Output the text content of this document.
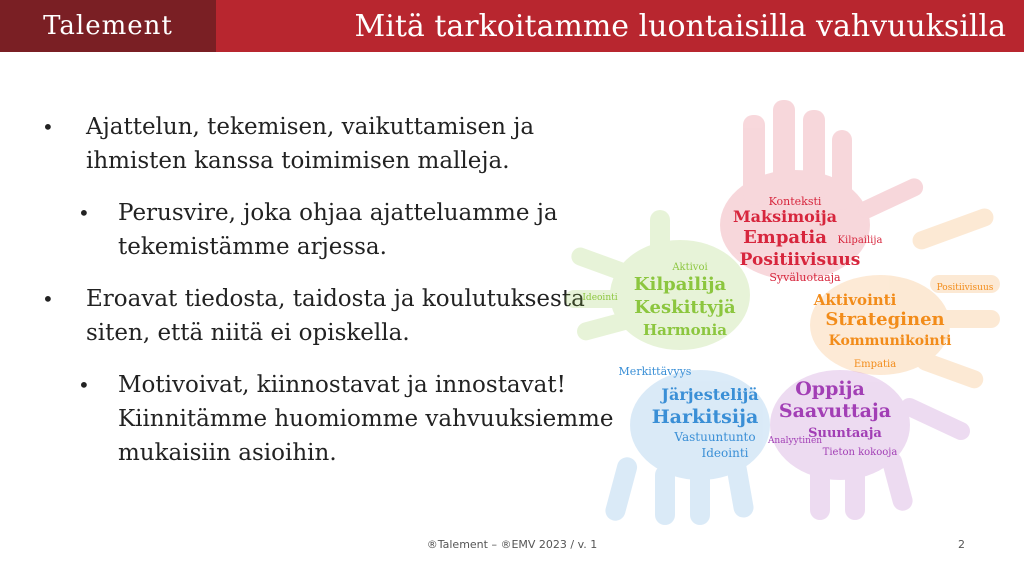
Talement	Mitä tarkoitamme luontaisilla vahvuuksilla
• Ajattelun, tekemisen, vaikuttamisen ja ihmisten kanssa toimimisen malleja.
• Perusvire, joka ohjaa ajatteluamme ja tekemistämme arjessa.
• Eroavat tiedosta, taidosta ja koulutuksesta siten, että niitä ei opiskella.
• Motivoivat, kiinnostavat ja innostavat! Kiinnitämme huomiomme vahvuuksiemme mukaisiin asioihin.
Konteksti
Maksimoija
Empatia
Positiivisuus
Syväluotaaja
Kilpailija
Aktivointi
Strateginen
Kommunikointi
Empatia
Positiivisuus
Aktivoi
Kilpailija
Keskittyjä
Harmonia
Ideointi
Merkittävyys
Järjestelijä
Harkitsija
Vastuuntunto
Ideointi
Oppija
Saavuttaja
Suuntaaja
Analyytinen
Tieton kokooja
®Talement – ®EMV 2023 / v. 1	2
